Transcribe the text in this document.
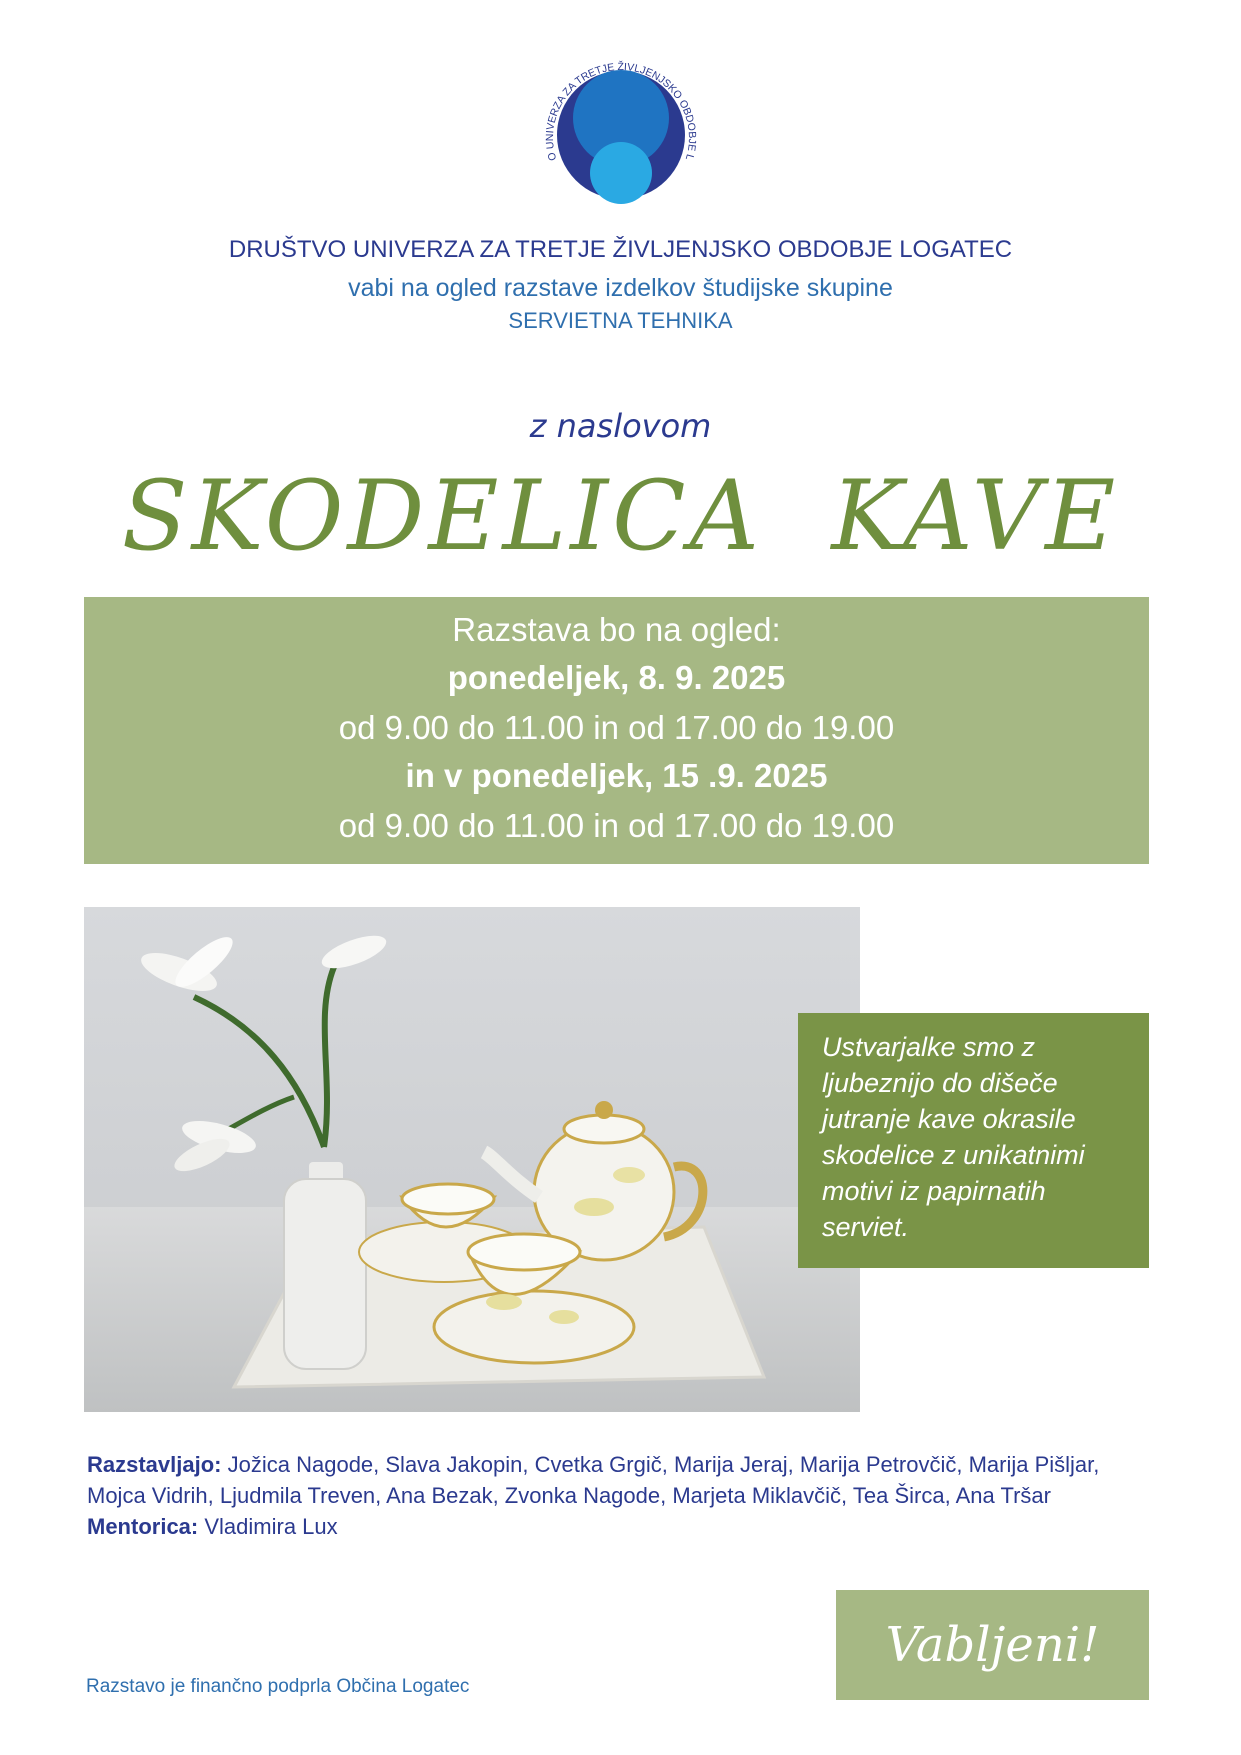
O UNIVERZA ZA TRETJE ŽIVLJENJSKO OBDOBJE L
DRUŠTVO UNIVERZA ZA TRETJE ŽIVLJENJSKO OBDOBJE LOGATEC
vabi na ogled razstave izdelkov študijske skupine
SERVIETNA TEHNIKA
z naslovom
SKODELICA KAVE
Razstava bo na ogled:
ponedeljek, 8. 9. 2025
od 9.00 do 11.00 in od 17.00 do 19.00
in v ponedeljek, 15 .9. 2025
od 9.00 do 11.00 in od 17.00 do 19.00
Ustvarjalke smo z ljubeznijo do dišeče jutranje kave okrasile skodelice z unikatnimi motivi iz papirnatih serviet.
Razstavljajo: Jožica Nagode, Slava Jakopin, Cvetka Grgič, Marija Jeraj, Marija Petrovčič, Marija Pišljar, Mojca Vidrih, Ljudmila Treven, Ana Bezak, Zvonka Nagode, Marjeta Miklavčič, Tea Širca, Ana Tršar
Mentorica: Vladimira Lux
Vabljeni!
Razstavo je finančno podprla Občina Logatec
